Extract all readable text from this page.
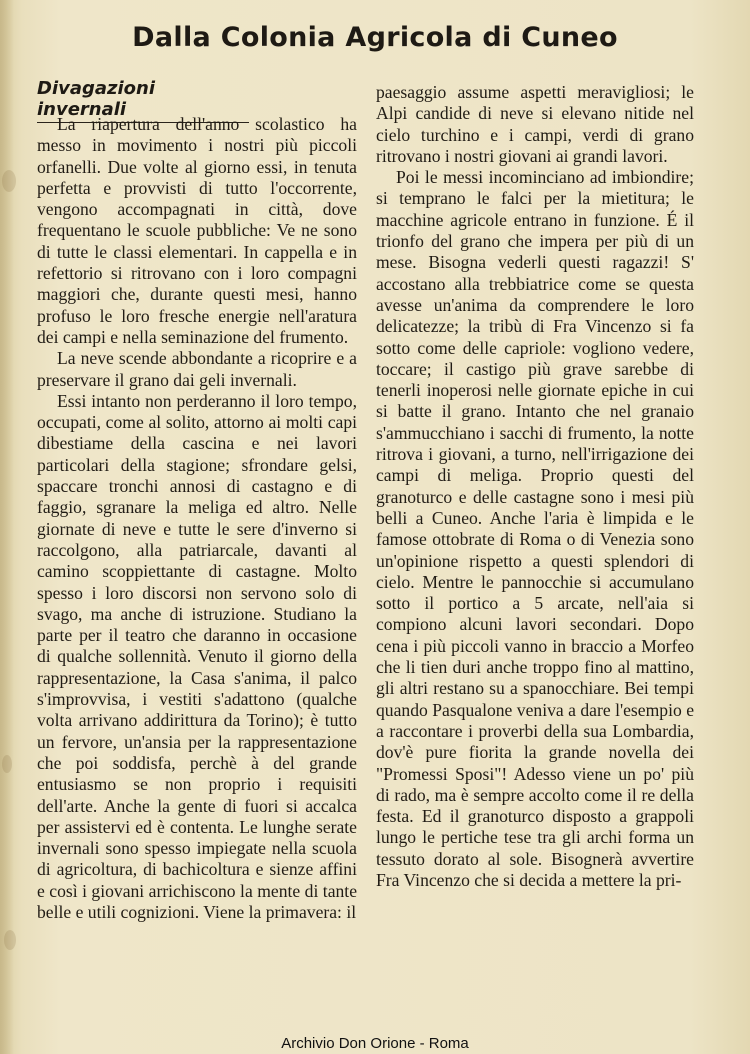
Dalla Colonia Agricola di Cuneo
Divagazioni invernali

La riapertura dell'anno scolastico ha messo in movimento i nostri più piccoli orfanelli. Due volte al giorno essi, in tenuta perfetta e provvisti di tutto l'occorrente, vengono accompagnati in città, dove frequentano le scuole pubbliche: Ve ne sono di tutte le classi elementari. In cappella e in refettorio si ritrovano con i loro compagni maggiori che, durante questi mesi, hanno profuso le loro fresche energie nell'aratura dei campi e nella seminazione del frumento.

La neve scende abbondante a ricoprire e a preservare il grano dai geli invernali.

Essi intanto non perderanno il loro tempo, occupati, come al solito, attorno ai molti capi dibestiame della cascina e nei lavori particolari della stagione; sfrondare gelsi, spaccare tronchi annosi di castagno e di faggio, sgranare la meliga ed altro. Nelle giornate di neve e tutte le sere d'inverno si raccolgono, alla patriarcale, davanti al camino scoppiettante di castagne. Molto spesso i loro discorsi non servono solo di svago, ma anche di istruzione. Studiano la parte per il teatro che daranno in occasione di qualche sollennità. Venuto il giorno della rappresentazione, la Casa s'anima, il palco s'improvvisa, i vestiti s'adattono (qualche volta arrivano addirittura da Torino); è tutto un fervore, un'ansia per la rappresentazione che poi soddisfa, perchè à del grande entusiasmo se non proprio i requisiti dell'arte. Anche la gente di fuori si accalca per assistervi ed è contenta. Le lunghe serate invernali sono spesso impiegate nella scuola di agricoltura, di bachicoltura e sienze affini e così i giovani arrichiscono la mente di tante belle e utili cognizioni. Viene la primavera: il

paesaggio assume aspetti meravigliosi; le Alpi candide di neve si elevano nitide nel cielo turchino e i campi, verdi di grano ritrovano i nostri giovani ai grandi lavori.

Poi le messi incominciano ad imbiondire; si temprano le falci per la mietitura; le macchine agricole entrano in funzione. É il trionfo del grano che impera per più di un mese. Bisogna vederli questi ragazzi! S' accostano alla trebbiatrice come se questa avesse un'anima da comprendere le loro delicatezze; la tribù di Fra Vincenzo si fa sotto come delle capriole: vogliono vedere, toccare; il castigo più grave sarebbe di tenerli inoperosi nelle giornate epiche in cui si batte il grano. Intanto che nel granaio s'ammucchiano i sacchi di frumento, la notte ritrova i giovani, a turno, nell'irrigazione dei campi di meliga. Proprio questi del granoturco e delle castagne sono i mesi più belli a Cuneo. Anche l'aria è limpida e le famose ottobrate di Roma o di Venezia sono un'opinione rispetto a questi splendori di cielo. Mentre le pannocchie si accumulano sotto il portico a 5 arcate, nell'aia si compiono alcuni lavori secondari. Dopo cena i più piccoli vanno in braccio a Morfeo che li tien duri anche troppo fino al mattino, gli altri restano su a spanocchiare. Bei tempi quando Pasqualone veniva a dare l'esempio e a raccontare i proverbi della sua Lombardia, dov'è pure fiorita la grande novella dei "Promessi Sposi"! Adesso viene un po' più di rado, ma è sempre accolto come il re della festa. Ed il granoturco disposto a grappoli lungo le pertiche tese tra gli archi forma un tessuto dorato al sole. Bisognerà avvertire Fra Vincenzo che si decida a mettere la pri-

Archivio Don Orione - Roma
